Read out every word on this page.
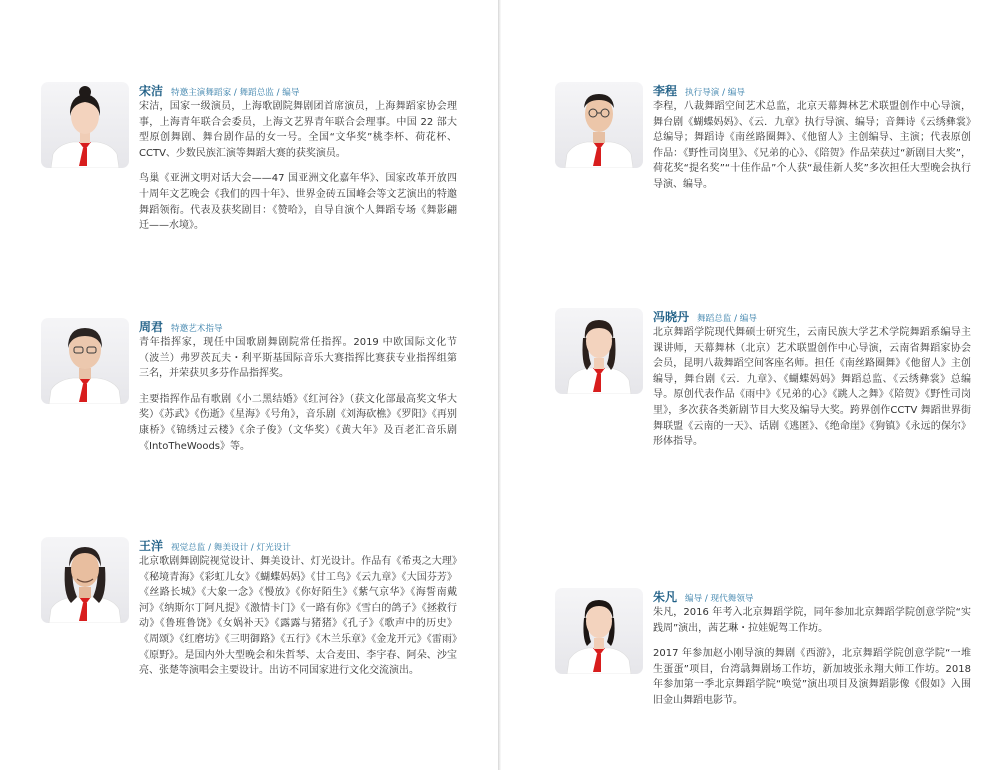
宋洁 特邀主演舞蹈家 / 舞蹈总监 / 编导

宋洁，国家一级演员，上海歌剧院舞剧团首席演员，上海舞蹈家协会理事，上海青年联合会委员，上海文艺界青年联合会理事。中国 22 部大型原创舞剧、舞台剧作品的女一号。全国“文华奖”桃李杯、荷花杯、CCTV、少数民族汇演等舞蹈大赛的获奖演员。

鸟巢《亚洲文明对话大会——47 国亚洲文化嘉年华》、国家改革开放四十周年文艺晚会《我们的四十年》、世界金砖五国峰会等文艺演出的特邀舞蹈领衔。代表及获奖剧目：《赞哈》，自导自演个人舞蹈专场《舞影翩迁——水境》。

周君 特邀艺术指导

青年指挥家，现任中国歌剧舞剧院常任指挥。2019 中欧国际文化节（波兰）弗罗茨瓦夫・利平斯基国际音乐大赛指挥比赛获专业指挥组第三名，并荣获贝多芬作品指挥奖。

主要指挥作品有歌剧《小二黑结婚》《红河谷》（获文化部最高奖文华大奖）《苏武》《伤逝》《星海》《号角》，音乐剧《刘海砍樵》《罗阳》《再别康桥》《锦绣过云楼》《余子俊》（文华奖）《黄大年》及百老汇音乐剧《IntoTheWoods》等。

王洋 视觉总监 / 舞美设计 / 灯光设计

北京歌剧舞剧院视觉设计、舞美设计、灯光设计。作品有《希夷之大理》《秘境青海》《彩虹儿女》《蝴蝶妈妈》《甘工鸟》《云九章》《大国芬芳》《丝路长城》《大象一念》《慢放》《你好陌生》《紫气京华》《海誓南戴河》《纳斯尔丁阿凡提》《激情卡门》《一路有你》《雪白的鸽子》《拯救行动》《鲁班鲁饶》《女娲补天》《露露与猪猪》《孔子》《歌声中的历史》《周颂》《红磨坊》《三明御路》《五行》《木兰乐章》《金龙开元》《雷雨》《原野》。是国内外大型晚会和朱哲琴、太合麦田、李宇春、阿朵、沙宝亮、张楚等演唱会主要设计。出访不同国家进行文化交流演出。

李程 执行导演 / 编导

李程，八裁舞蹈空间艺术总监，北京天幕舞林艺术联盟创作中心导演，舞台剧《蝴蝶妈妈》、《云．九章》执行导演、编导；音舞诗《云绣彝裳》总编导；舞蹈诗《南丝路圈舞》、《他留人》主创编导、主演；代表原创作品：《野性司岗里》、《兄弟的心》、《陪贺》作品荣获过“新剧目大奖”，荷花奖“提名奖”“十佳作品”个人获“最佳新人奖”多次担任大型晚会执行导演、编导。

冯晓丹 舞蹈总监 / 编导

北京舞蹈学院现代舞硕士研究生，云南民族大学艺术学院舞蹈系编导主课讲师，天幕舞林（北京）艺术联盟创作中心导演，云南省舞蹈家协会会员，昆明八裁舞蹈空间客座名师。担任《南丝路圈舞》《他留人》主创编导，舞台剧《云．九章》、《蝴蝶妈妈》舞蹈总监、《云绣彝裳》总编导。原创代表作品《雨中》《兄弟的心》《跳人之舞》《陪贺》《野性司岗里》，多次获各类新剧节目大奖及编导大奖。跨界创作CCTV 舞蹈世界街舞联盟《云南的一天》、话剧《逃匿》、《绝命崖》《狗镇》《永远的保尔》形体指导。

朱凡 编导 / 现代舞领导

朱凡，2016 年考入北京舞蹈学院，同年参加北京舞蹈学院创意学院“实践周”演出，茜艺琳・拉娃妮驾工作坊。

2017 年参加赵小刚导演的舞剧《西游》，北京舞蹈学院创意学院“一堆生蛋蛋”项目，台湾骉舞剧场工作坊，新加坡张永翔大师工作坊。2018 年参加第一季北京舞蹈学院“唤觉”演出项目及演舞蹈影像《假如》入围旧金山舞蹈电影节。
